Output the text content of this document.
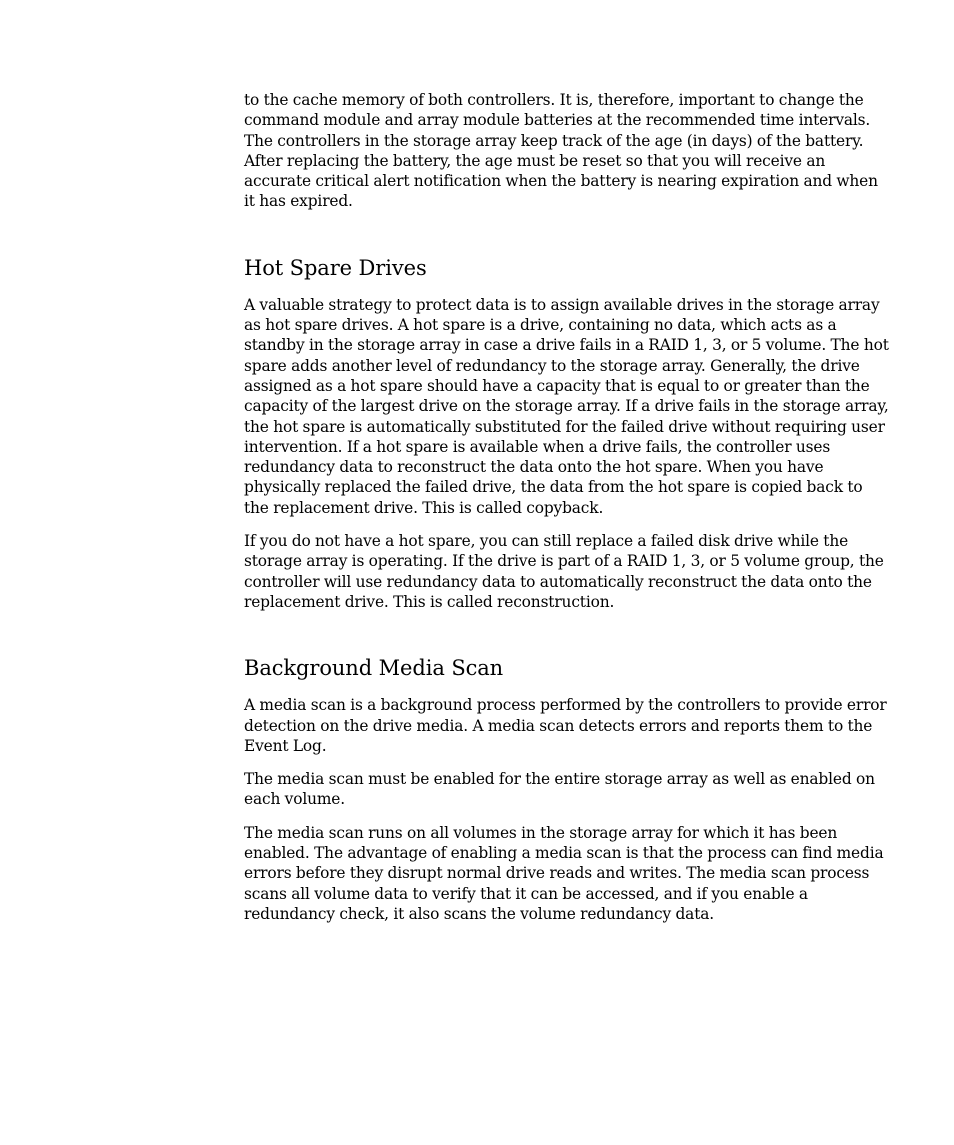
to the cache memory of both controllers. It is, therefore, important to change the command module and array module batteries at the recommended time intervals. The controllers in the storage array keep track of the age (in days) of the battery. After replacing the battery, the age must be reset so that you will receive an accurate critical alert notification when the battery is nearing expiration and when it has expired.

Hot Spare Drives

A valuable strategy to protect data is to assign available drives in the storage array as hot spare drives. A hot spare is a drive, containing no data, which acts as a standby in the storage array in case a drive fails in a RAID 1, 3, or 5 volume. The hot spare adds another level of redundancy to the storage array. Generally, the drive assigned as a hot spare should have a capacity that is equal to or greater than the capacity of the largest drive on the storage array. If a drive fails in the storage array, the hot spare is automatically substituted for the failed drive without requiring user intervention. If a hot spare is available when a drive fails, the controller uses redundancy data to reconstruct the data onto the hot spare. When you have physically replaced the failed drive, the data from the hot spare is copied back to the replacement drive. This is called copyback.

If you do not have a hot spare, you can still replace a failed disk drive while the storage array is operating. If the drive is part of a RAID 1, 3, or 5 volume group, the controller will use redundancy data to automatically reconstruct the data onto the replacement drive. This is called reconstruction.

Background Media Scan

A media scan is a background process performed by the controllers to provide error detection on the drive media. A media scan detects errors and reports them to the Event Log.

The media scan must be enabled for the entire storage array as well as enabled on each volume.

The media scan runs on all volumes in the storage array for which it has been enabled. The advantage of enabling a media scan is that the process can find media errors before they disrupt normal drive reads and writes. The media scan process scans all volume data to verify that it can be accessed, and if you enable a redundancy check, it also scans the volume redundancy data.
